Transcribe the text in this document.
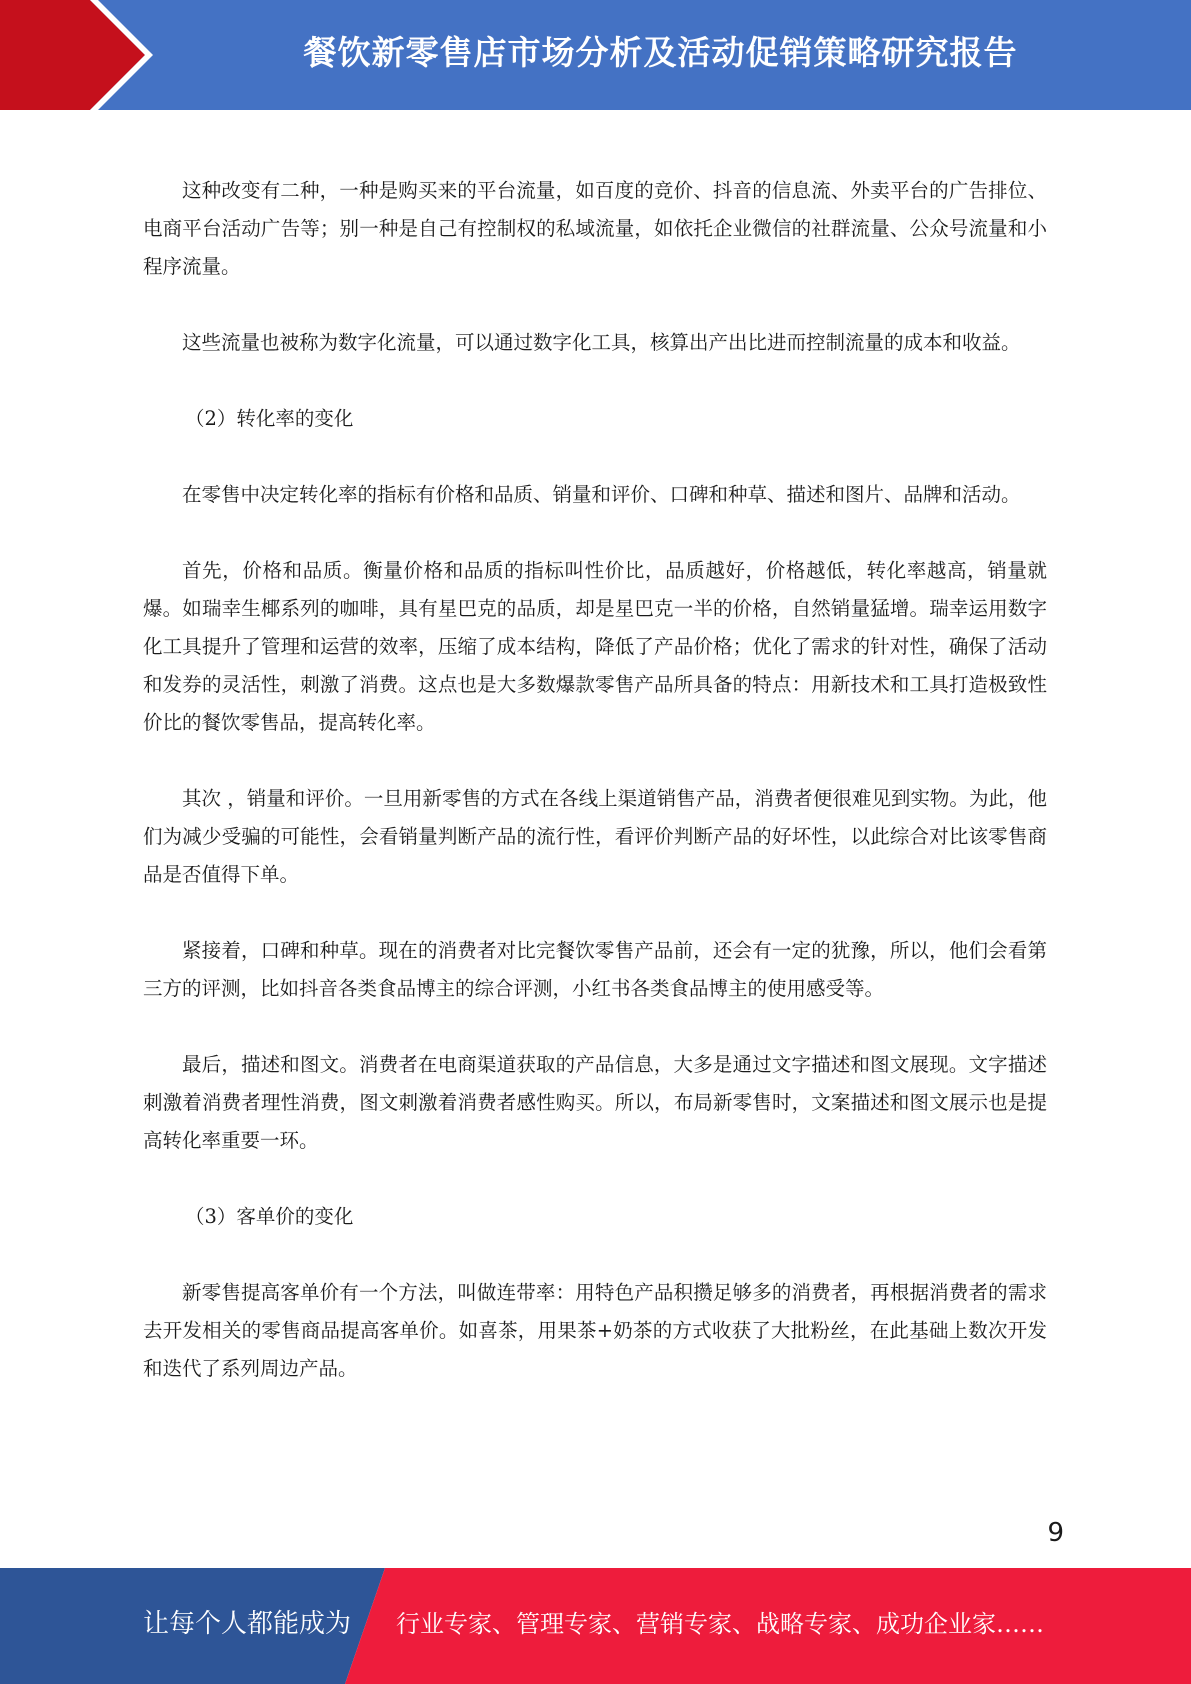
餐饮新零售店市场分析及活动促销策略研究报告

这种改变有二种，一种是购买来的平台流量，如百度的竞价、抖音的信息流、外卖平台的广告排位、电商平台活动广告等；别一种是自己有控制权的私域流量，如依托企业微信的社群流量、公众号流量和小程序流量。

这些流量也被称为数字化流量，可以通过数字化工具，核算出产出比进而控制流量的成本和收益。

（2）转化率的变化

在零售中决定转化率的指标有价格和品质、销量和评价、口碑和种草、描述和图片、品牌和活动。

首先，价格和品质。衡量价格和品质的指标叫性价比，品质越好，价格越低，转化率越高，销量就爆。如瑞幸生椰系列的咖啡，具有星巴克的品质，却是星巴克一半的价格，自然销量猛增。瑞幸运用数字化工具提升了管理和运营的效率，压缩了成本结构，降低了产品价格；优化了需求的针对性，确保了活动和发券的灵活性，刺激了消费。这点也是大多数爆款零售产品所具备的特点：用新技术和工具打造极致性价比的餐饮零售品，提高转化率。

其次 ，销量和评价。一旦用新零售的方式在各线上渠道销售产品，消费者便很难见到实物。为此，他们为减少受骗的可能性，会看销量判断产品的流行性，看评价判断产品的好坏性，以此综合对比该零售商品是否值得下单。

紧接着，口碑和种草。现在的消费者对比完餐饮零售产品前，还会有一定的犹豫，所以，他们会看第三方的评测，比如抖音各类食品博主的综合评测，小红书各类食品博主的使用感受等。

最后，描述和图文。消费者在电商渠道获取的产品信息，大多是通过文字描述和图文展现。文字描述刺激着消费者理性消费，图文刺激着消费者感性购买。所以，布局新零售时，文案描述和图文展示也是提高转化率重要一环。

（3）客单价的变化

新零售提高客单价有一个方法，叫做连带率：用特色产品积攒足够多的消费者，再根据消费者的需求去开发相关的零售商品提高客单价。如喜茶，用果茶+奶茶的方式收获了大批粉丝，在此基础上数次开发和迭代了系列周边产品。

9
让每个人都能成为 行业专家、管理专家、营销专家、战略专家、成功企业家……
